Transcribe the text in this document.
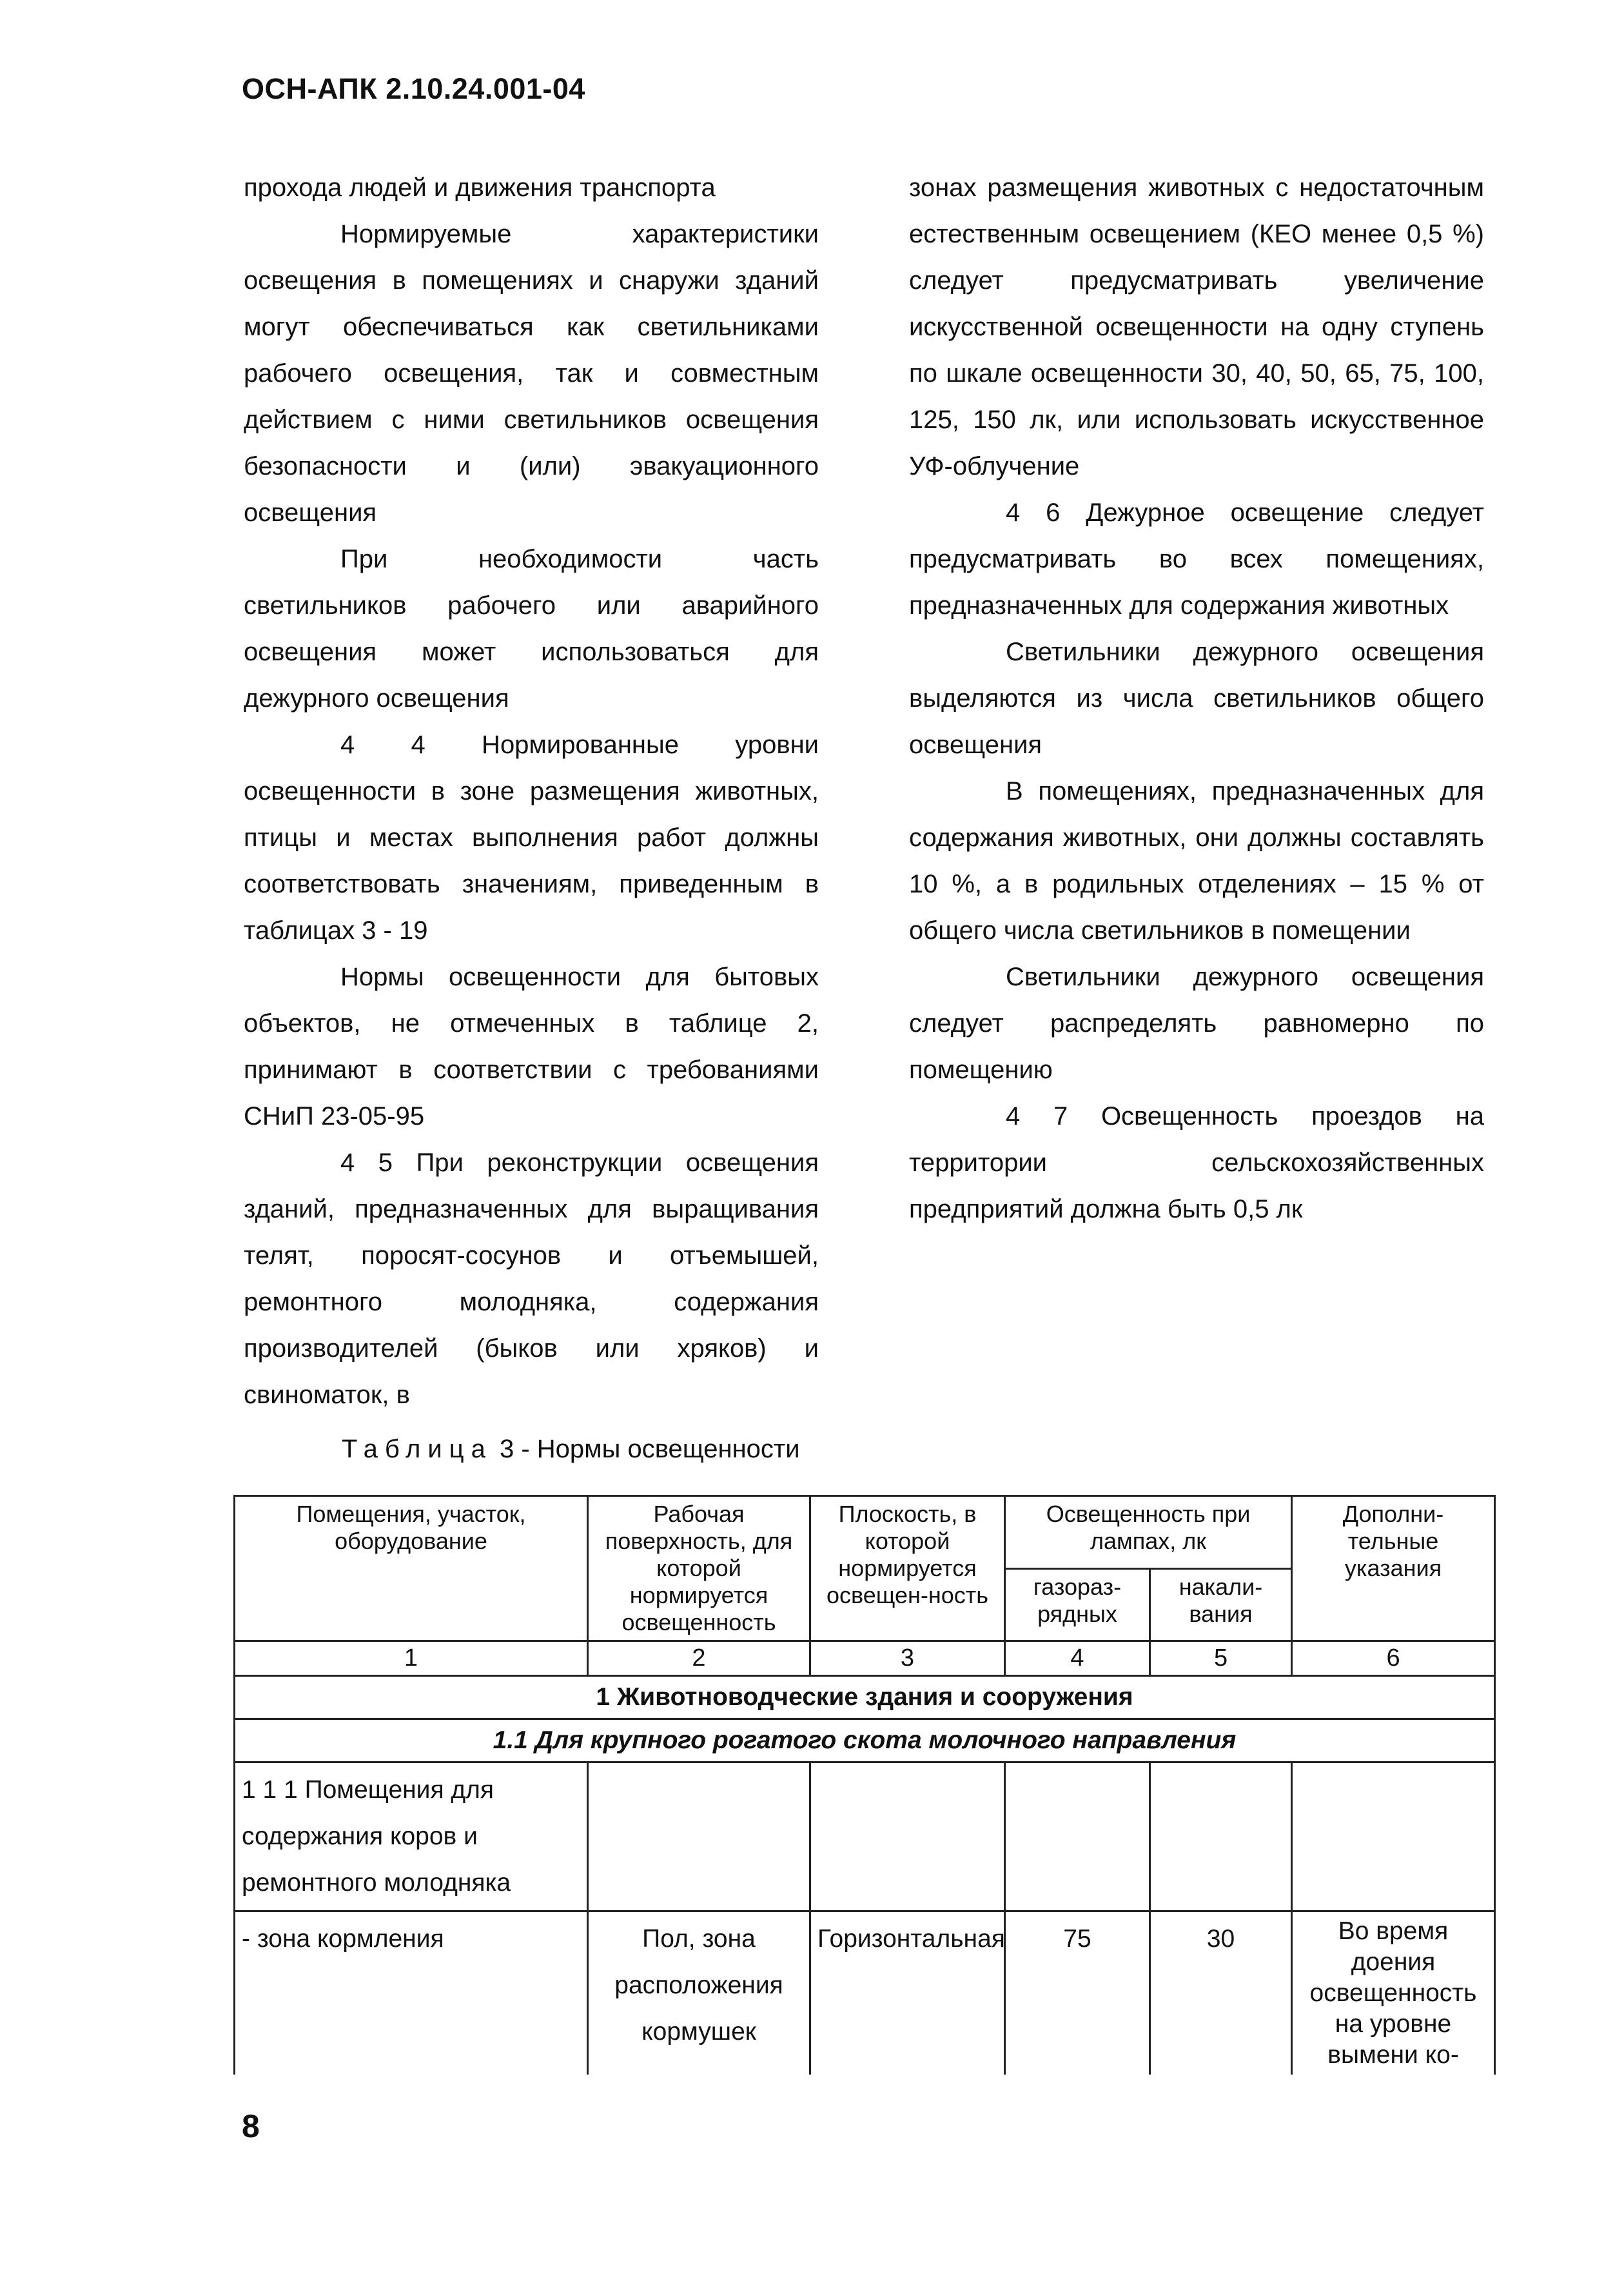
ОСН-АПК 2.10.24.001-04

прохода людей и движения транспорта

Нормируемые характеристики освещения в помещениях и снаружи зданий могут обеспечиваться как светильниками рабочего освещения, так и совместным действием с ними светильников освещения безопасности и (или) эвакуационного освещения

При необходимости часть светильников рабочего или аварийного освещения может использоваться для дежурного освещения

4 4 Нормированные уровни освещенности в зоне размещения животных, птицы и местах выполнения работ должны соответствовать значениям, приведенным в таблицах 3 - 19

Нормы освещенности для бытовых объектов, не отмеченных в таблице 2, принимают в соответствии с требованиями СНиП 23-05-95

4 5 При реконструкции освещения зданий, предназначенных для выращивания телят, поросят-сосунов и отъемышей, ремонтного молодняка, содержания производителей (быков или хряков) и свиноматок, в

зонах размещения животных с недостаточным естественным освещением (КЕО менее 0,5 %) следует предусматривать увеличение искусственной освещенности на одну ступень по шкале освещенности 30, 40, 50, 65, 75, 100, 125, 150 лк, или использовать искусственное УФ-облучение

4 6 Дежурное освещение следует предусматривать во всех помещениях, предназначенных для содержания животных

Светильники дежурного освещения выделяются из числа светильников общего освещения

В помещениях, предназначенных для содержания животных, они должны составлять 10 %, а в родильных отделениях – 15 % от общего числа светильников в помещении

Светильники дежурного освещения следует распределять равномерно по помещению

4 7 Освещенность проездов на территории сельскохозяйственных предприятий должна быть 0,5 лк

Таблица 3 - Нормы освещенности
Помещения, участок, оборудование	Рабочая поверхность, для которой нормируется освещенность	Плоскость, в которой нормируется освещен-ность	Освещенность при лампах, лк		Дополни-тельные указания
			газораз-рядных	накали-вания	
1	2	3	4	5	6
1 Животноводческие здания и сооружения					
1.1 Для крупного рогатого скота молочного направления					
1 1 1 Помещения для содержания коров и ремонтного молодняка					
- зона кормления	Пол, зона расположения кормушек	Горизонтальная	75	30	Во время доения освещенность на уровне вымени ко-
8
